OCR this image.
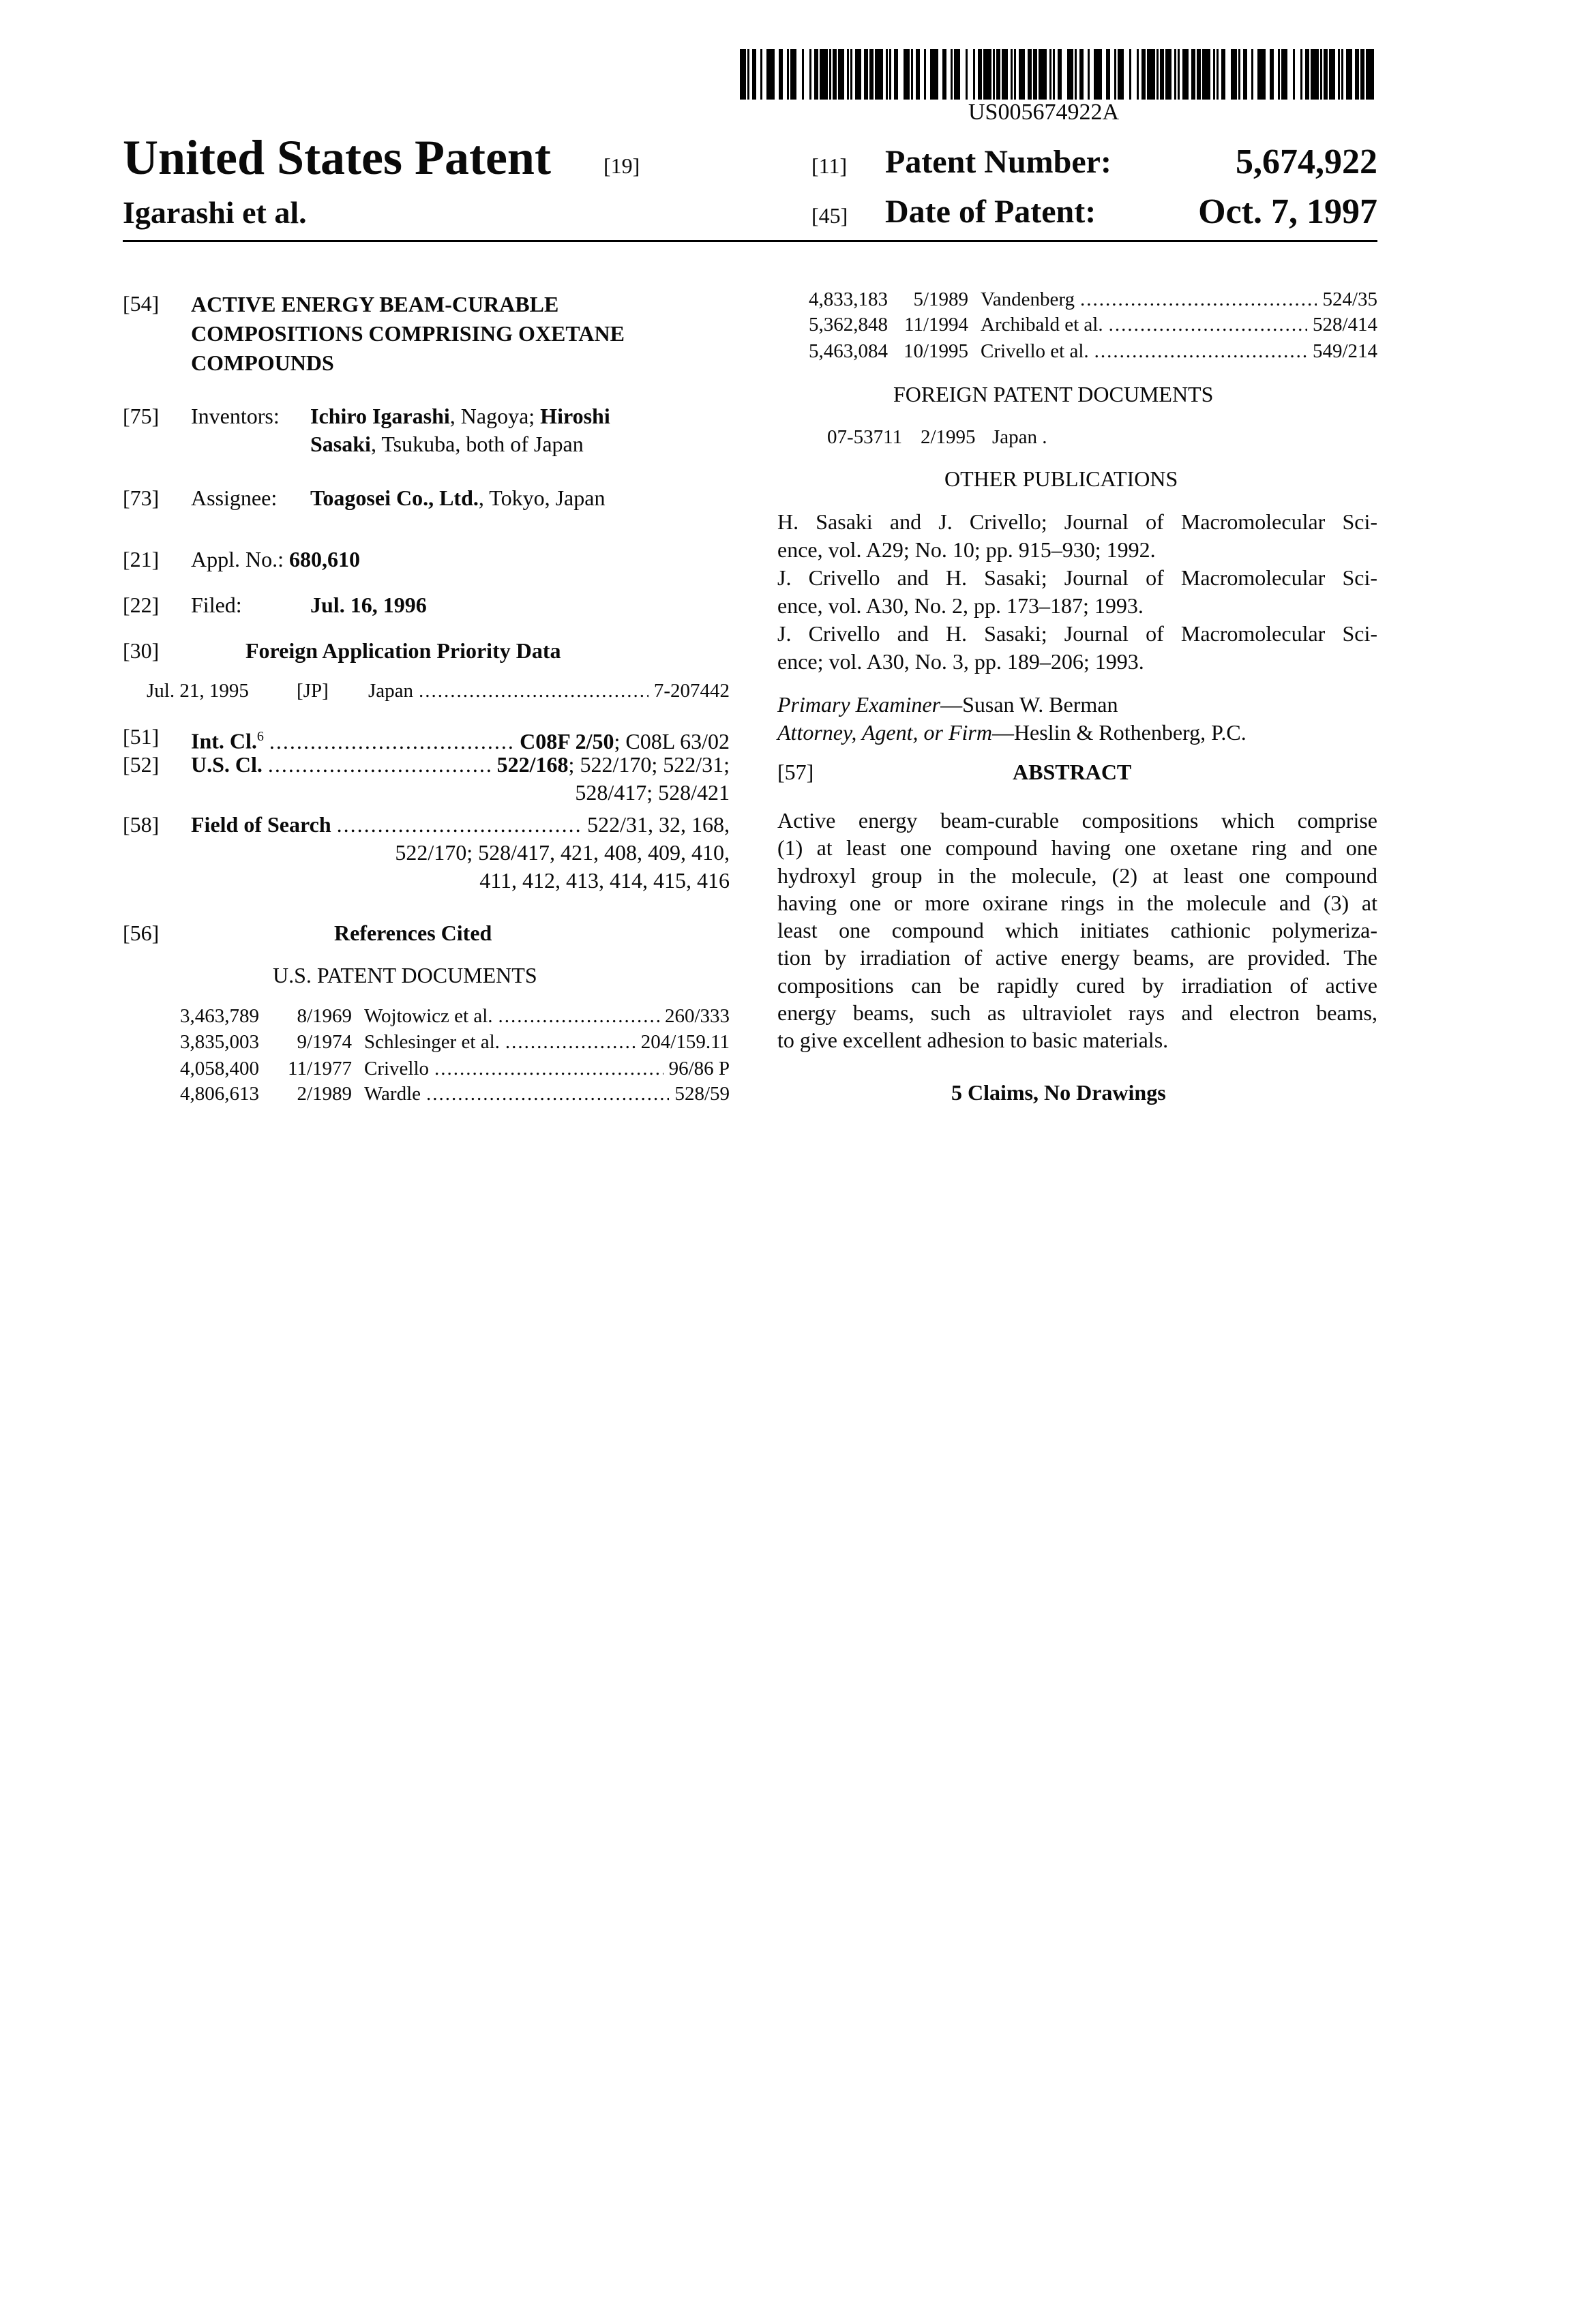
US005674922A
United States Patent [19]
Igarashi et al.
[11] Patent Number:	5,674,922
[45] Date of Patent:	Oct. 7, 1997
[54] ACTIVE ENERGY BEAM-CURABLE
COMPOSITIONS COMPRISING OXETANE
COMPOUNDS
[75] Inventors: Ichiro Igarashi, Nagoya; Hiroshi
Sasaki, Tsukuba, both of Japan
[73] Assignee: Toagosei Co., Ltd., Tokyo, Japan
[21] Appl. No.: 680,610
[22] Filed:	Jul. 16, 1996
[30]	Foreign Application Priority Data
Jul. 21, 1995	[JP]	Japan
.....	7-207442
[51] Int. Cl.6
.....	C08F 2/50 ; C08L 63/02
[52] U.S. Cl.
.....	522/168 ; 522/170; 522/31;
528/417; 528/421
[58] Field of Search
.....	522/31, 32, 168,
522/170; 528/417, 421, 408, 409, 410,
411, 412, 413, 414, 415, 416
[56]	References Cited
U.S. PATENT DOCUMENTS
3,463,789	8/1969 Wojtowicz et al.
.....	260/333
3,835,003	9/1974 Schlesinger et al.
.....	204/159.11
4,058,400	11/1977 Crivello
.....	96/86 P
4,806,613	2/1989 Wardle
.....	528/59
4,833,183	5/1989 Vandenberg
.....	524/35
5,362,848 11/1994 Archibald et al.
.....	528/414
5,463,084 10/1995 Crivello et al.
.....	549/214
FOREIGN PATENT DOCUMENTS
07-53711 2/1995 Japan .
OTHER PUBLICATIONS
H. Sasaki and J. Crivello; Journal of Macromolecular Sci-
ence, vol. A29; No. 10; pp. 915–930; 1992.
J. Crivello and H. Sasaki; Journal of Macromolecular Sci-
ence, vol. A30, No. 2, pp. 173–187; 1993.
J. Crivello and H. Sasaki; Journal of Macromolecular Sci-
ence; vol. A30, No. 3, pp. 189–206; 1993.
Primary Examiner—Susan W. Berman
Attorney, Agent, or Firm—Heslin & Rothenberg, P.C.
[57]	ABSTRACT
Active energy beam-curable compositions which comprise
(1) at least one compound having one oxetane ring and one
hydroxyl group in the molecule, (2) at least one compound
having one or more oxirane rings in the molecule and (3) at
least one compound which initiates cathionic polymeriza-
tion by irradiation of active energy beams, are provided. The
compositions can be rapidly cured by irradiation of active
energy beams, such as ultraviolet rays and electron beams,
to give excellent adhesion to basic materials.
5 Claims, No Drawings
